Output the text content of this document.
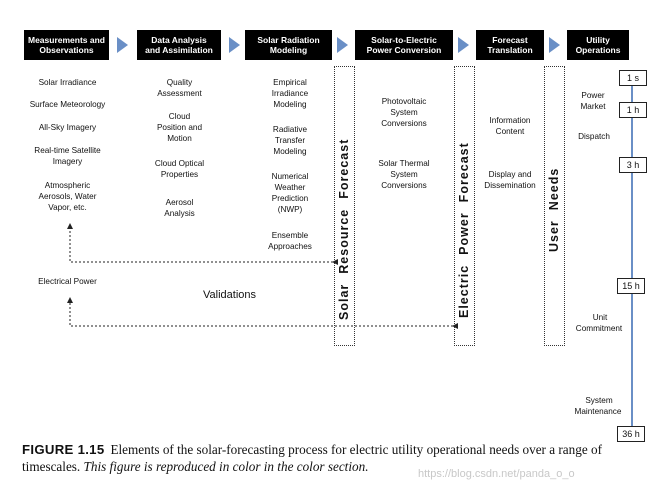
Measurements and
Observations
Data Analysis
and Assimilation
Solar Radiation
Modeling
Solar-to-Electric
Power Conversion
Forecast
Translation
Utility
Operations
Solar Irradiance
Surface Meteorology
All-Sky Imagery
Real-time Satellite
Imagery
Atmospheric
Aerosols, Water
Vapor, etc.
Electrical Power
Quality
Assessment
Cloud
Position and
Motion
Cloud Optical
Properties
Aerosol
Analysis
Empirical
Irradiance
Modeling
Radiative
Transfer
Modeling
Numerical
Weather
Prediction
(NWP)
Ensemble
Approaches
Photovoltaic
System
Conversions
Solar Thermal
System
Conversions
Information
Content
Display and
Dissemination
SolarResourceForecast
ElectricPowerForecast
UserNeeds
Validations
1 s
1 h
3 h
15 h
36 h
Power
Market
Dispatch
Unit
Commitment
System
Maintenance
FIGURE 1.15 Elements of the solar-forecasting process for electric utility operational needs over a range of timescales. This figure is reproduced in color in the color section.	https://blog.csdn.net/panda_o_o
